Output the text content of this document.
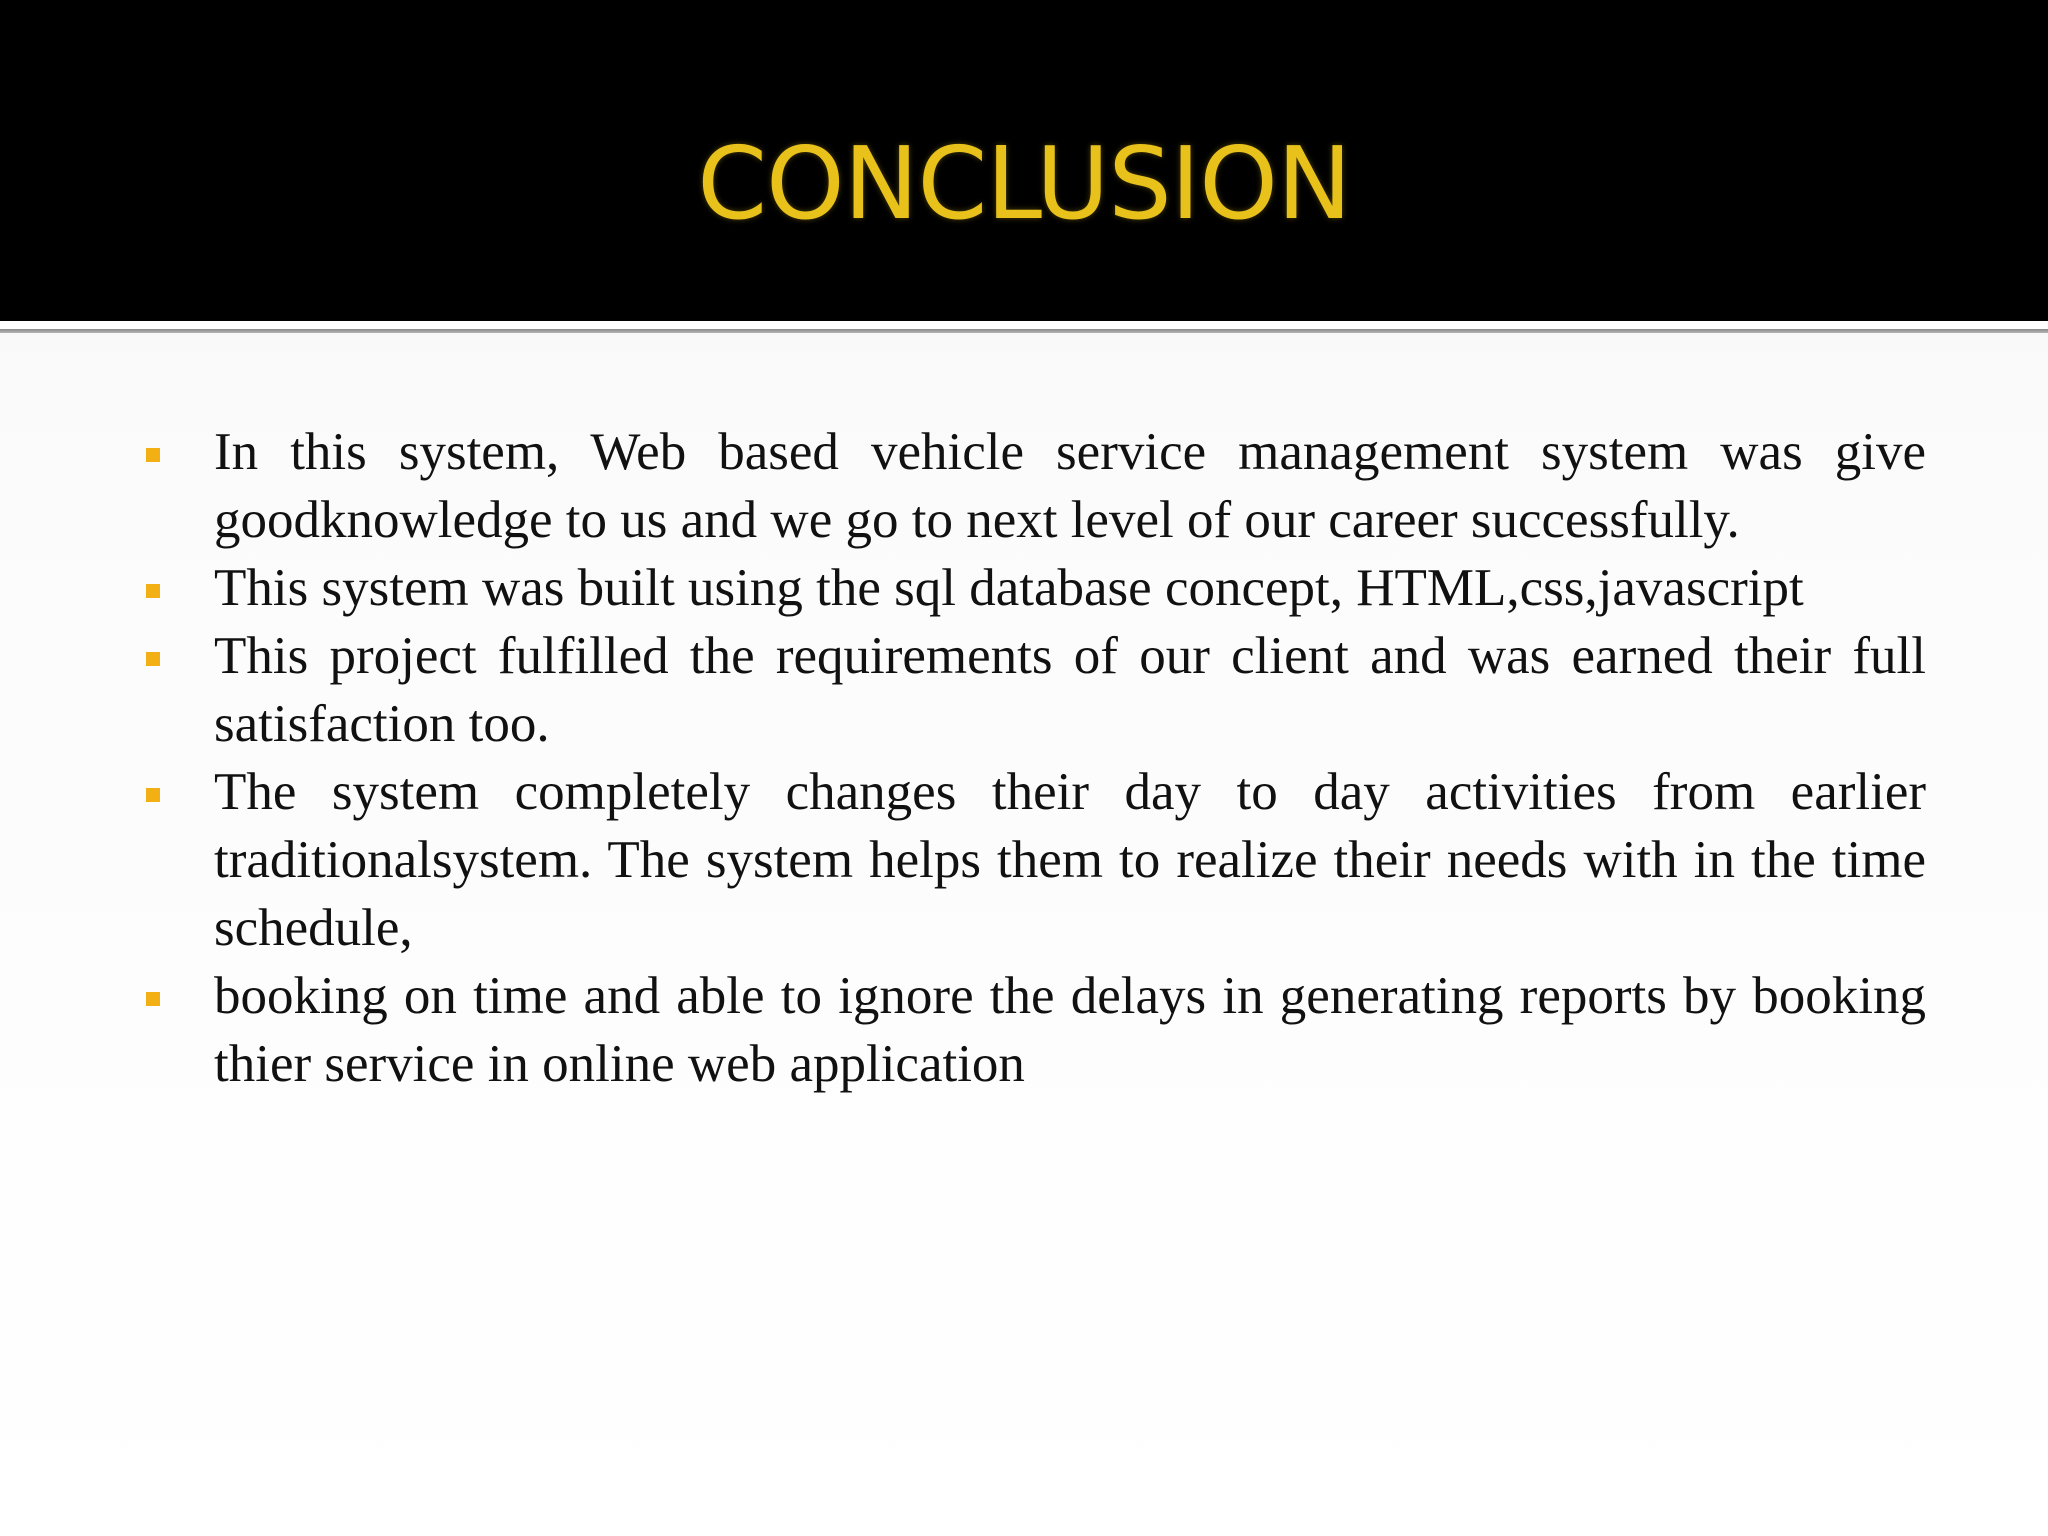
CONCLUSION
In this system, Web based vehicle service management system was give goodknowledge to us and we go to next level of our career successfully.
This system was built using the sql database concept, HTML,css,javascript
This project fulfilled the requirements of our client and was earned their full satisfaction too.
The system completely changes their day to day activities from earlier traditionalsystem. The system helps them to realize their needs with in the time schedule,
booking on time and able to ignore the delays in generating reports by booking thier service in online web application
